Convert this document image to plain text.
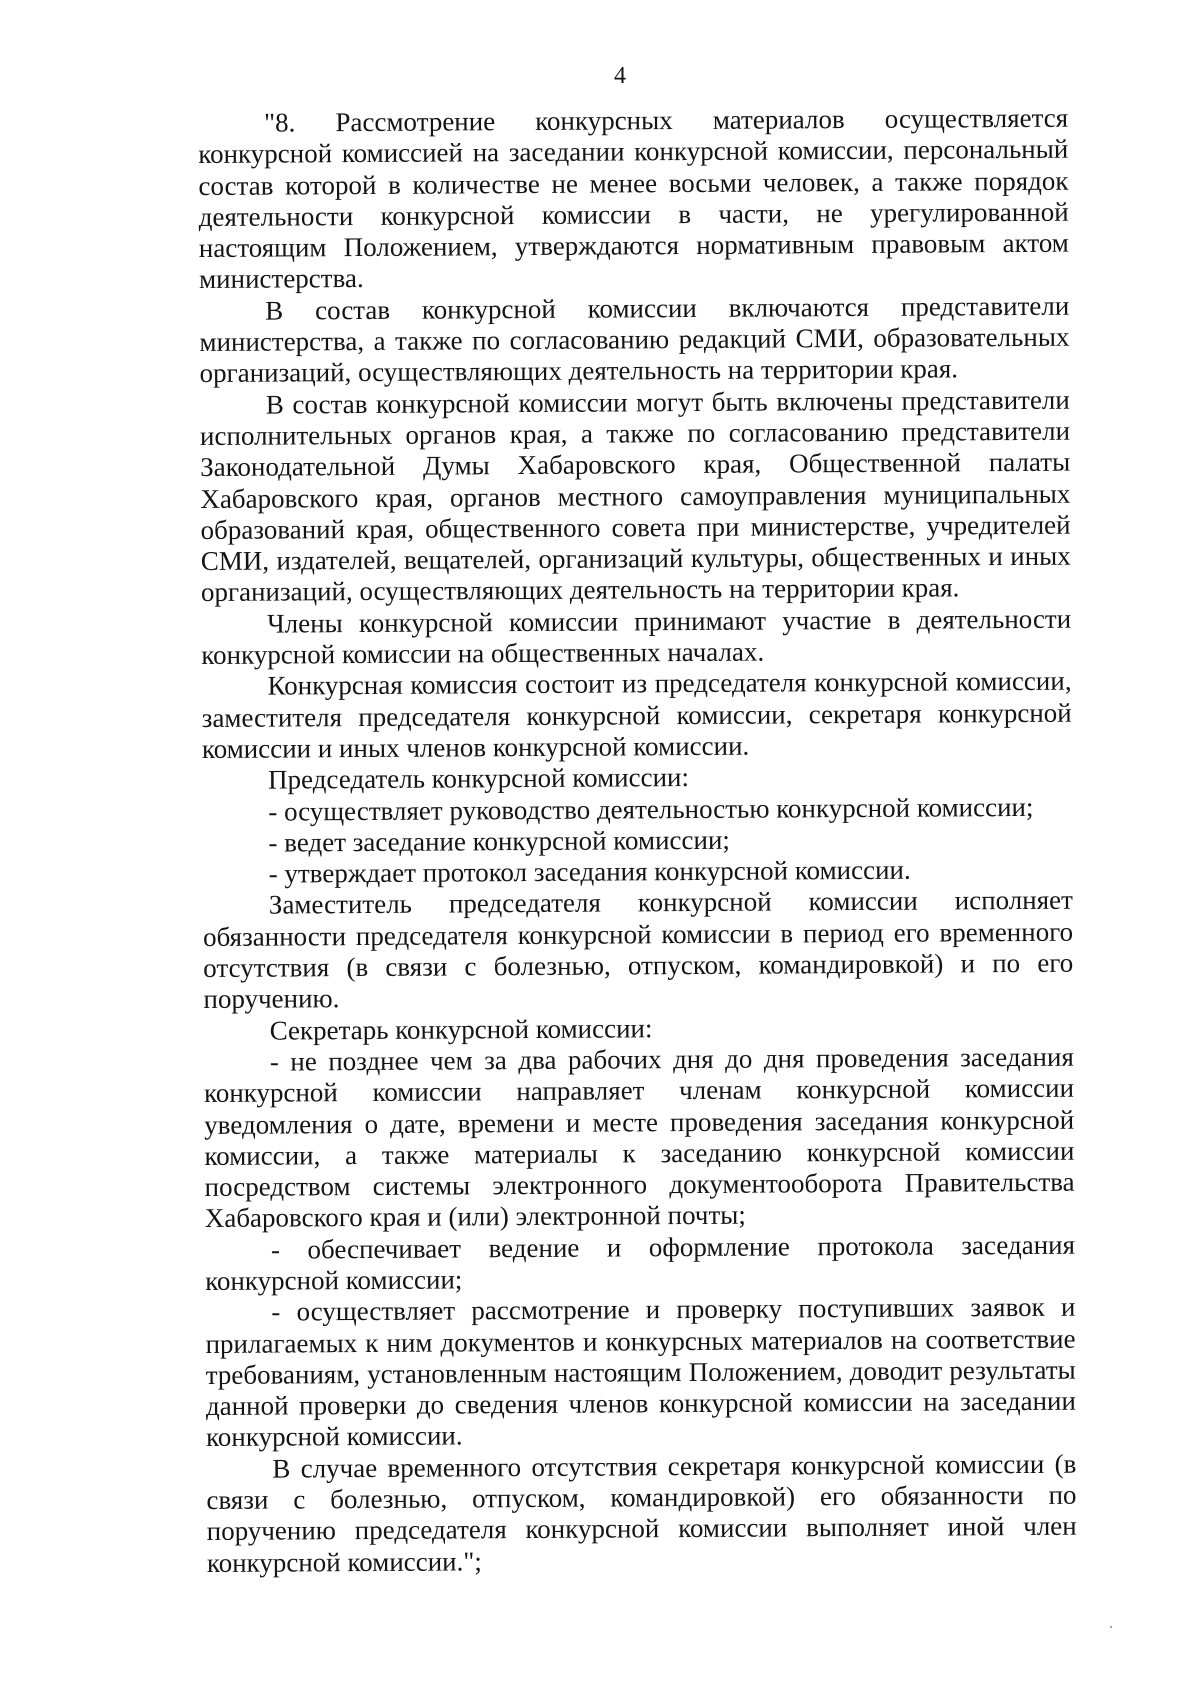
4

"8. Рассмотрение конкурсных материалов осуществляется конкурсной комиссией на заседании конкурсной комиссии, персональный состав которой в количестве не менее восьми человек, а также порядок деятельности конкурсной комиссии в части, не урегулированной настоящим Положением, утверждаются нормативным правовым актом министерства.

В состав конкурсной комиссии включаются представители министерства, а также по согласованию редакций СМИ, образовательных организаций, осуществляющих деятельность на территории края.

В состав конкурсной комиссии могут быть включены представители исполнительных органов края, а также по согласованию представители Законодательной Думы Хабаровского края, Общественной палаты Хабаровского края, органов местного самоуправления муниципальных образований края, общественного совета при министерстве, учредителей СМИ, издателей, вещателей, организаций культуры, общественных и иных организаций, осуществляющих деятельность на территории края.

Члены конкурсной комиссии принимают участие в деятельности конкурсной комиссии на общественных началах.

Конкурсная комиссия состоит из председателя конкурсной комиссии, заместителя председателя конкурсной комиссии, секретаря конкурсной комиссии и иных членов конкурсной комиссии.

Председатель конкурсной комиссии:

- осуществляет руководство деятельностью конкурсной комиссии;

- ведет заседание конкурсной комиссии;

- утверждает протокол заседания конкурсной комиссии.

Заместитель председателя конкурсной комиссии исполняет обязанности председателя конкурсной комиссии в период его временного отсутствия (в связи с болезнью, отпуском, командировкой) и по его поручению.

Секретарь конкурсной комиссии:

- не позднее чем за два рабочих дня до дня проведения заседания конкурсной комиссии направляет членам конкурсной комиссии уведомления о дате, времени и месте проведения заседания конкурсной комиссии, а также материалы к заседанию конкурсной комиссии посредством системы электронного документооборота Правительства Хабаровского края и (или) электронной почты;

- обеспечивает ведение и оформление протокола заседания конкурсной комиссии;

- осуществляет рассмотрение и проверку поступивших заявок и прилагаемых к ним документов и конкурсных материалов на соответствие требованиям, установленным настоящим Положением, доводит результаты данной проверки до сведения членов конкурсной комиссии на заседании конкурсной комиссии.

В случае временного отсутствия секретаря конкурсной комиссии (в связи с болезнью, отпуском, командировкой) его обязанности по поручению председателя конкурсной комиссии выполняет иной член конкурсной комиссии.";
